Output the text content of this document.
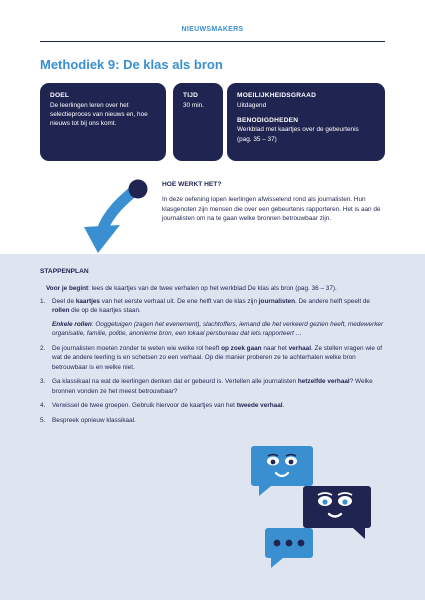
NIEUWSMAKERS
Methodiek 9: De klas als bron
DOEL
De leerlingen leren over het selectieproces van nieuws en, hoe nieuws tot bij ons komt.
TIJD
30 min.
MOEILIJKHEIDSGRAAD
Uitdagend
BENODIGDHEDEN
Werkblad met kaartjes over de gebeurtenis (pag. 35 – 37)
HOE WERKT HET?

In deze oefening lopen leerlingen afwisselend rond als journalisten. Hun klasgenoten zijn mensen die over een gebeurtenis rapporteren. Het is aan de journalisten om na te gaan welke bronnen betrouwbaar zijn.

STAPPENPLAN

Voor je begint: lees de kaartjes van de twee verhalen op het werkblad De klas als bron (pag. 36 – 37).

1. Deel de kaartjes van het eerste verhaal uit. De ene helft van de klas zijn journalisten. De andere helft speelt de rollen die op de kaartjes staan.
Enkele rollen: Ooggetuigen (zagen het evenement), slachtoffers, iemand die het verkeerd gezien heeft, medewerker organisatie, familie, politie, anonieme bron, een lokaal persbureau dat iets rapporteert …
2. De journalisten moeten zonder te weten wie welke rol heeft op zoek gaan naar het verhaal. Ze stellen vragen wie of wat de andere leerling is en schetsen zo een verhaal. Op die manier proberen ze te achterhalen welke bron betrouwbaar is en welke niet.
3. Ga klassikaal na wat de leerlingen denken dat er gebeurd is. Vertellen alle journalisten hetzelfde verhaal? Welke bronnen vonden ze het meest betrouwbaar?
4. Verwissel de twee groepen. Gebruik hiervoor de kaartjes van het tweede verhaal.
5. Bespreek opnieuw klassikaal.
